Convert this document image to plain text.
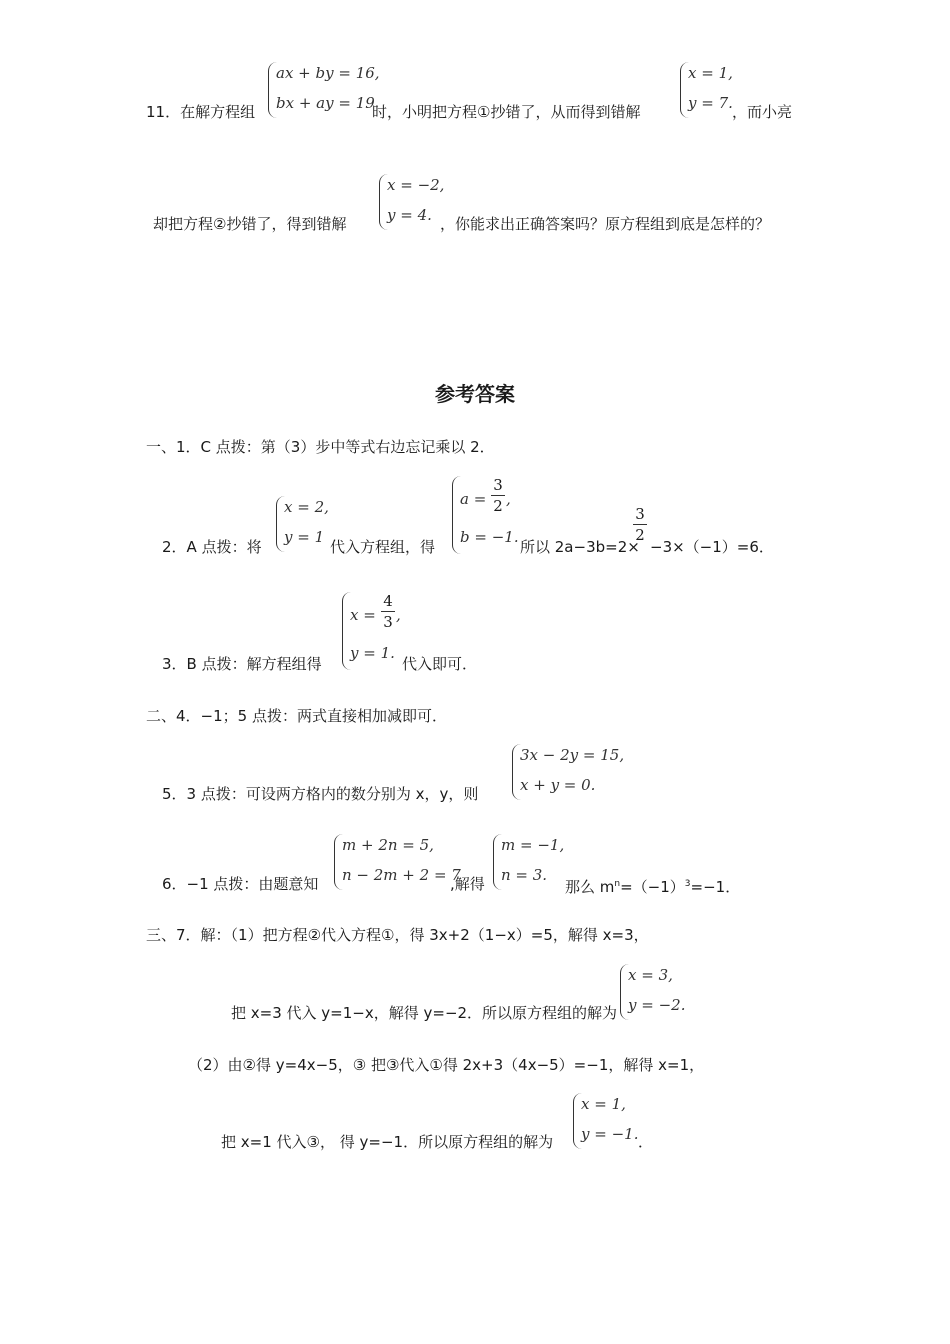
11．在解方程组
ax + by = 16,
bx + ay = 19
时，小明把方程①抄错了，从而得到错解
x = 1,
y = 7. ，而小亮
却把方程②抄错了，得到错解
x = −2,
y = 4. ，你能求出正确答案吗？原方程组到底是怎样的？
参考答案
一、1．C 点拨：第（3）步中等式右边忘记乘以 2．
2．A 点拨：将
x = 2,
y = 1
代入方程组，得
a =
3
2 ,
b = −1.
所以 2a−3b=2×
3
2
−3×（−1）=6．
3．B 点拨：解方程组得
x =
4
3 ,
y = 1.
代入即可．
二、4．−1；5 点拨：两式直接相加减即可．
5．3 点拨：可设两方格内的数分别为 x，y，则
3x − 2y = 15,
x + y = 0.
6．−1 点拨：由题意知
m + 2n = 5,
n − 2m + 2 = 7
,解得
m = −1,
n = 3.
那么 $m^n=(-1)^3=-1$．
三、7．解：（1）把方程②代入方程①，得 3x+2（1−x）=5，解得 x=3，
把 x=3 代入 y=1−x，解得 y=−2．所以原方程组的解为
x = 3,
y = −2.
（2）由②得 y=4x−5，③ 把③代入①得 2x+3（4x−5）=−1，解得 x=1，
把 x=1 代入③， 得 y=−1．所以原方程组的解为
x = 1,
y = −1. ．
